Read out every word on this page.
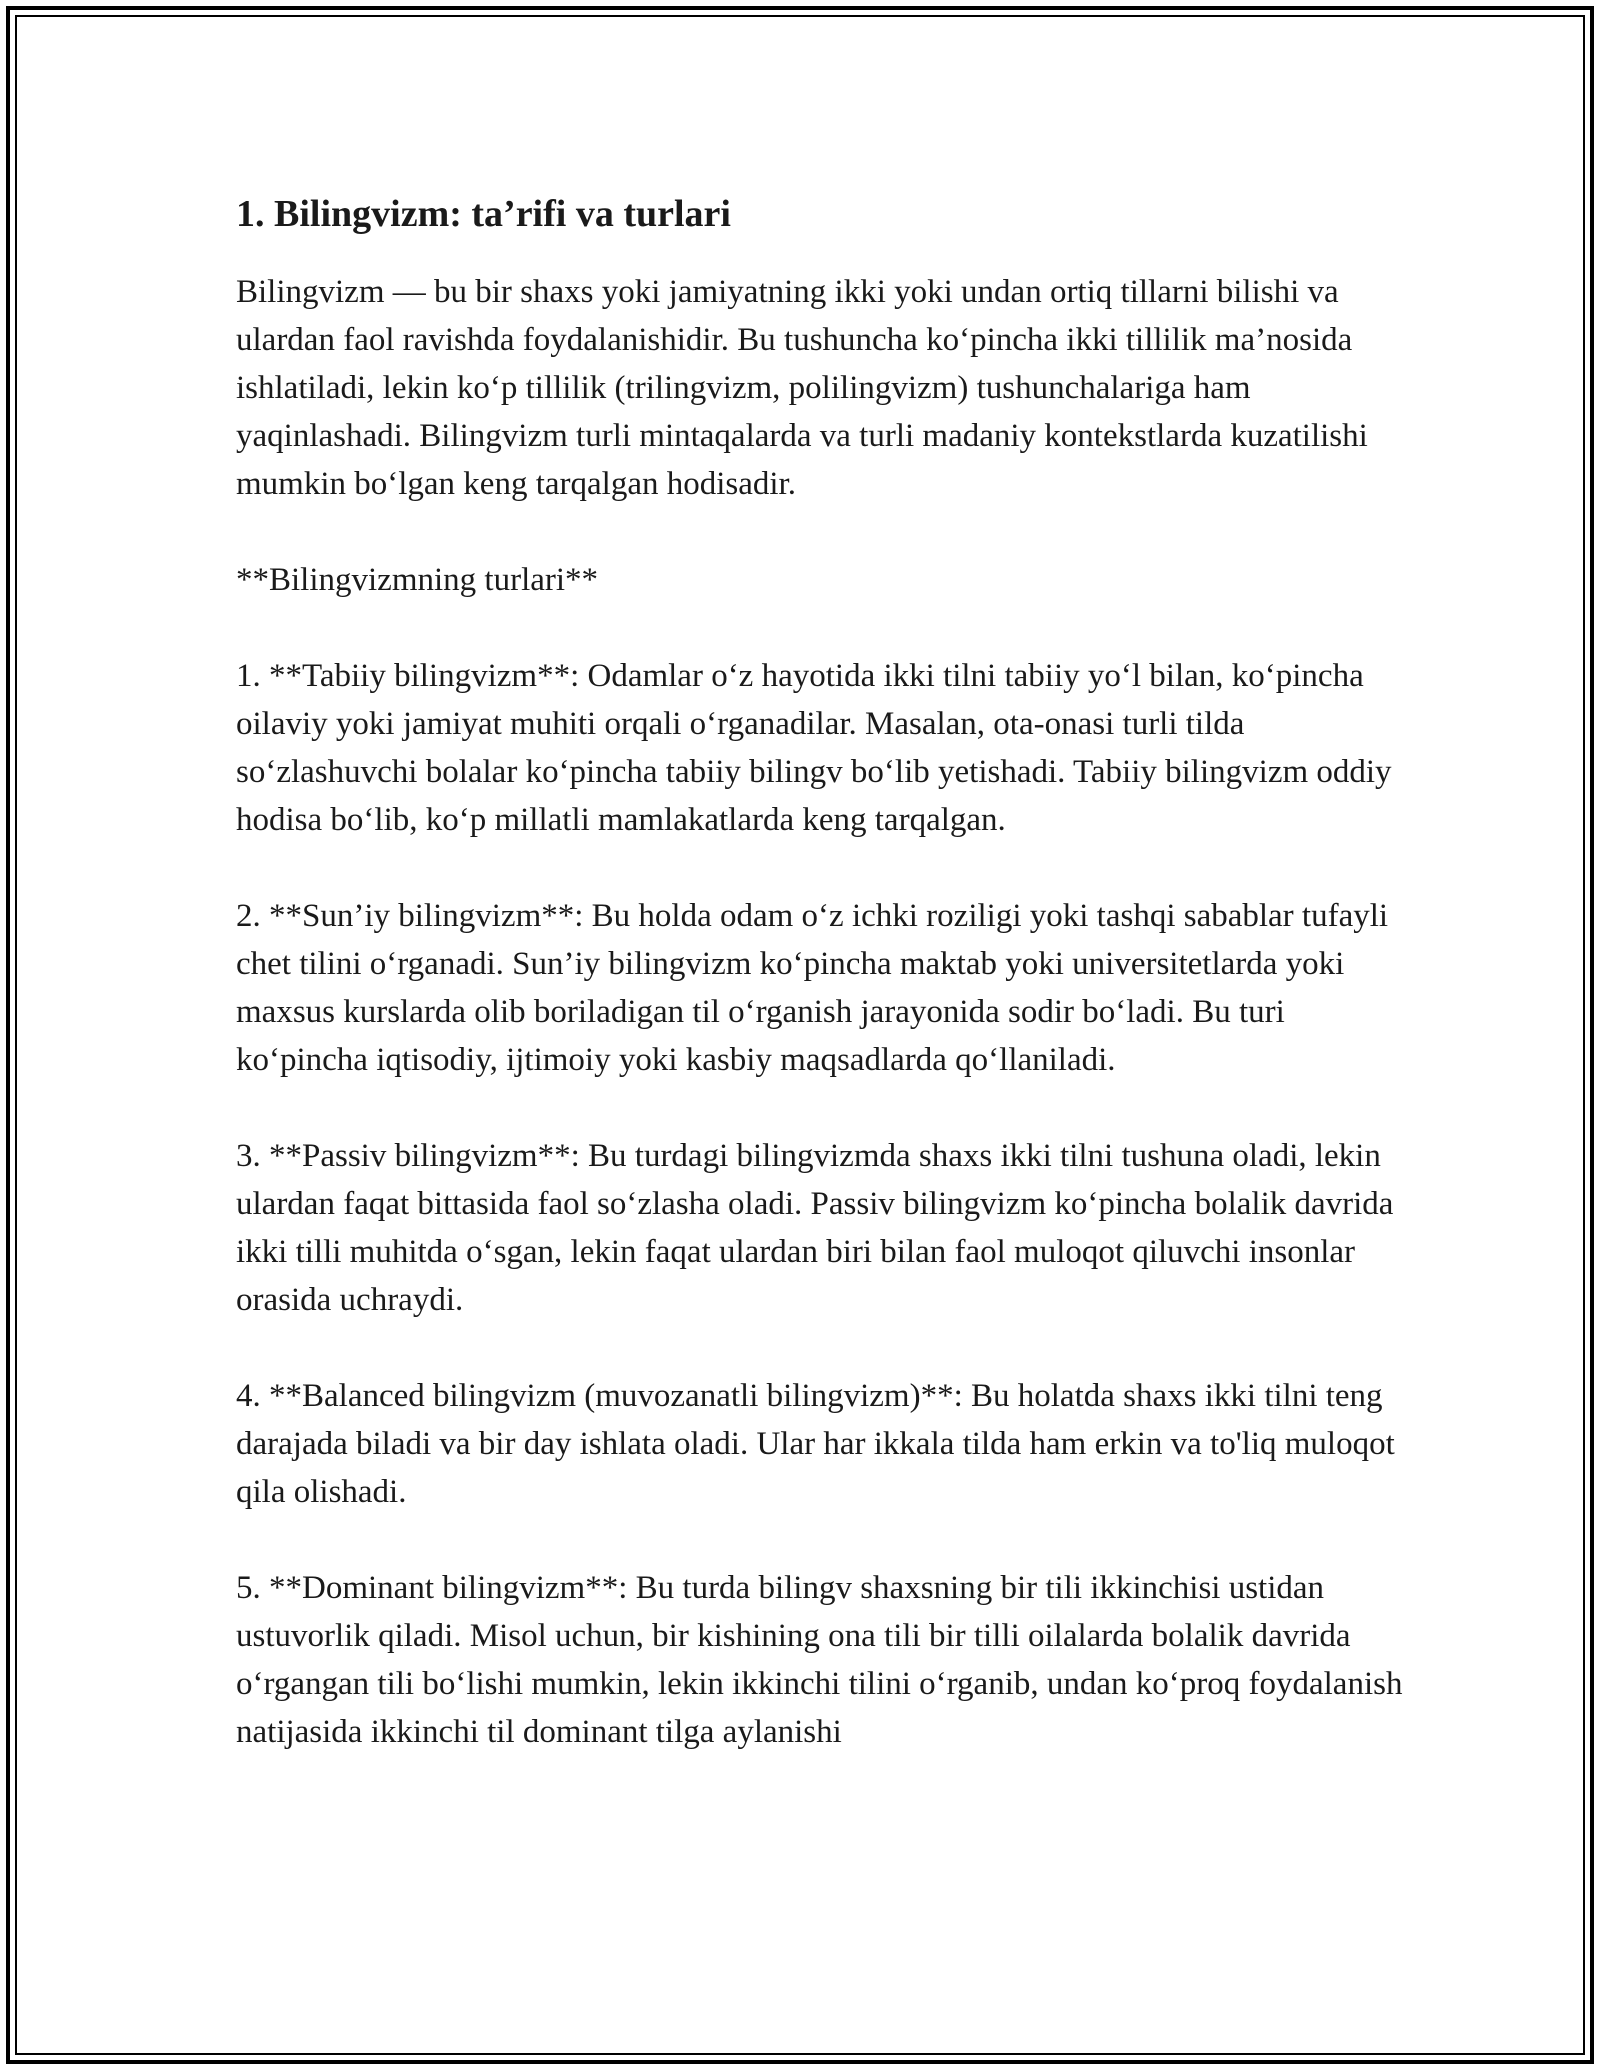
1. Bilingvizm: ta’rifi va turlari

Bilingvizm — bu bir shaxs yoki jamiyatning ikki yoki undan ortiq tillarni bilishi va ulardan faol ravishda foydalanishidir. Bu tushuncha ko‘pincha ikki tillilik ma’nosida ishlatiladi, lekin ko‘p tillilik (trilingvizm, polilingvizm) tushunchalariga ham yaqinlashadi. Bilingvizm turli mintaqalarda va turli madaniy kontekstlarda kuzatilishi mumkin bo‘lgan keng tarqalgan hodisadir.

**Bilingvizmning turlari**

1. **Tabiiy bilingvizm**: Odamlar o‘z hayotida ikki tilni tabiiy yo‘l bilan, ko‘pincha oilaviy yoki jamiyat muhiti orqali o‘rganadilar. Masalan, ota-onasi turli tilda so‘zlashuvchi bolalar ko‘pincha tabiiy bilingv bo‘lib yetishadi. Tabiiy bilingvizm oddiy hodisa bo‘lib, ko‘p millatli mamlakatlarda keng tarqalgan.

2. **Sun’iy bilingvizm**: Bu holda odam o‘z ichki roziligi yoki tashqi sabablar tufayli chet tilini o‘rganadi. Sun’iy bilingvizm ko‘pincha maktab yoki universitetlarda yoki maxsus kurslarda olib boriladigan til o‘rganish jarayonida sodir bo‘ladi. Bu turi ko‘pincha iqtisodiy, ijtimoiy yoki kasbiy maqsadlarda qo‘llaniladi.

3. **Passiv bilingvizm**: Bu turdagi bilingvizmda shaxs ikki tilni tushuna oladi, lekin ulardan faqat bittasida faol so‘zlasha oladi. Passiv bilingvizm ko‘pincha bolalik davrida ikki tilli muhitda o‘sgan, lekin faqat ulardan biri bilan faol muloqot qiluvchi insonlar orasida uchraydi.

4. **Balanced bilingvizm (muvozanatli bilingvizm)**: Bu holatda shaxs ikki tilni teng darajada biladi va bir day ishlata oladi. Ular har ikkala tilda ham erkin va to'liq muloqot qila olishadi.

5. **Dominant bilingvizm**: Bu turda bilingv shaxsning bir tili ikkinchisi ustidan ustuvorlik qiladi. Misol uchun, bir kishining ona tili bir tilli oilalarda bolalik davrida o‘rgangan tili bo‘lishi mumkin, lekin ikkinchi tilini o‘rganib, undan ko‘proq foydalanish natijasida ikkinchi til dominant tilga aylanishi
